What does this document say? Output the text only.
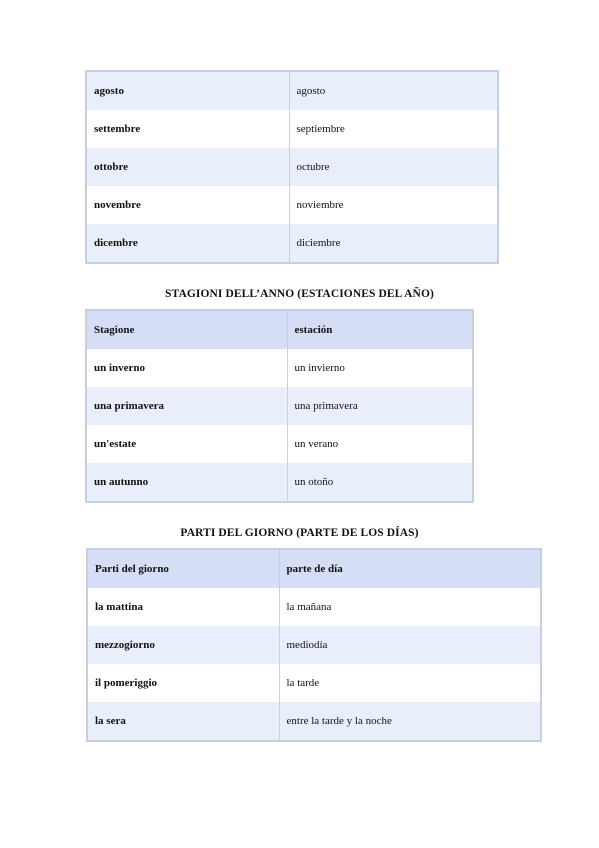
agosto	agosto
settembre	septiembre
ottobre	octubre
novembre	noviembre
dicembre	diciembre
STAGIONI DELL’ANNO (ESTACIONES DEL AÑO)
Stagione	estación
un inverno	un invierno
una primavera	una primavera
un'estate	un verano
un autunno	un otoño
PARTI DEL GIORNO (PARTE DE LOS DÍAS)
Parti del giorno	parte de día
la mattina	la mañana
mezzogiorno	mediodía
il pomeriggio	la tarde
la sera	entre la tarde y la noche
